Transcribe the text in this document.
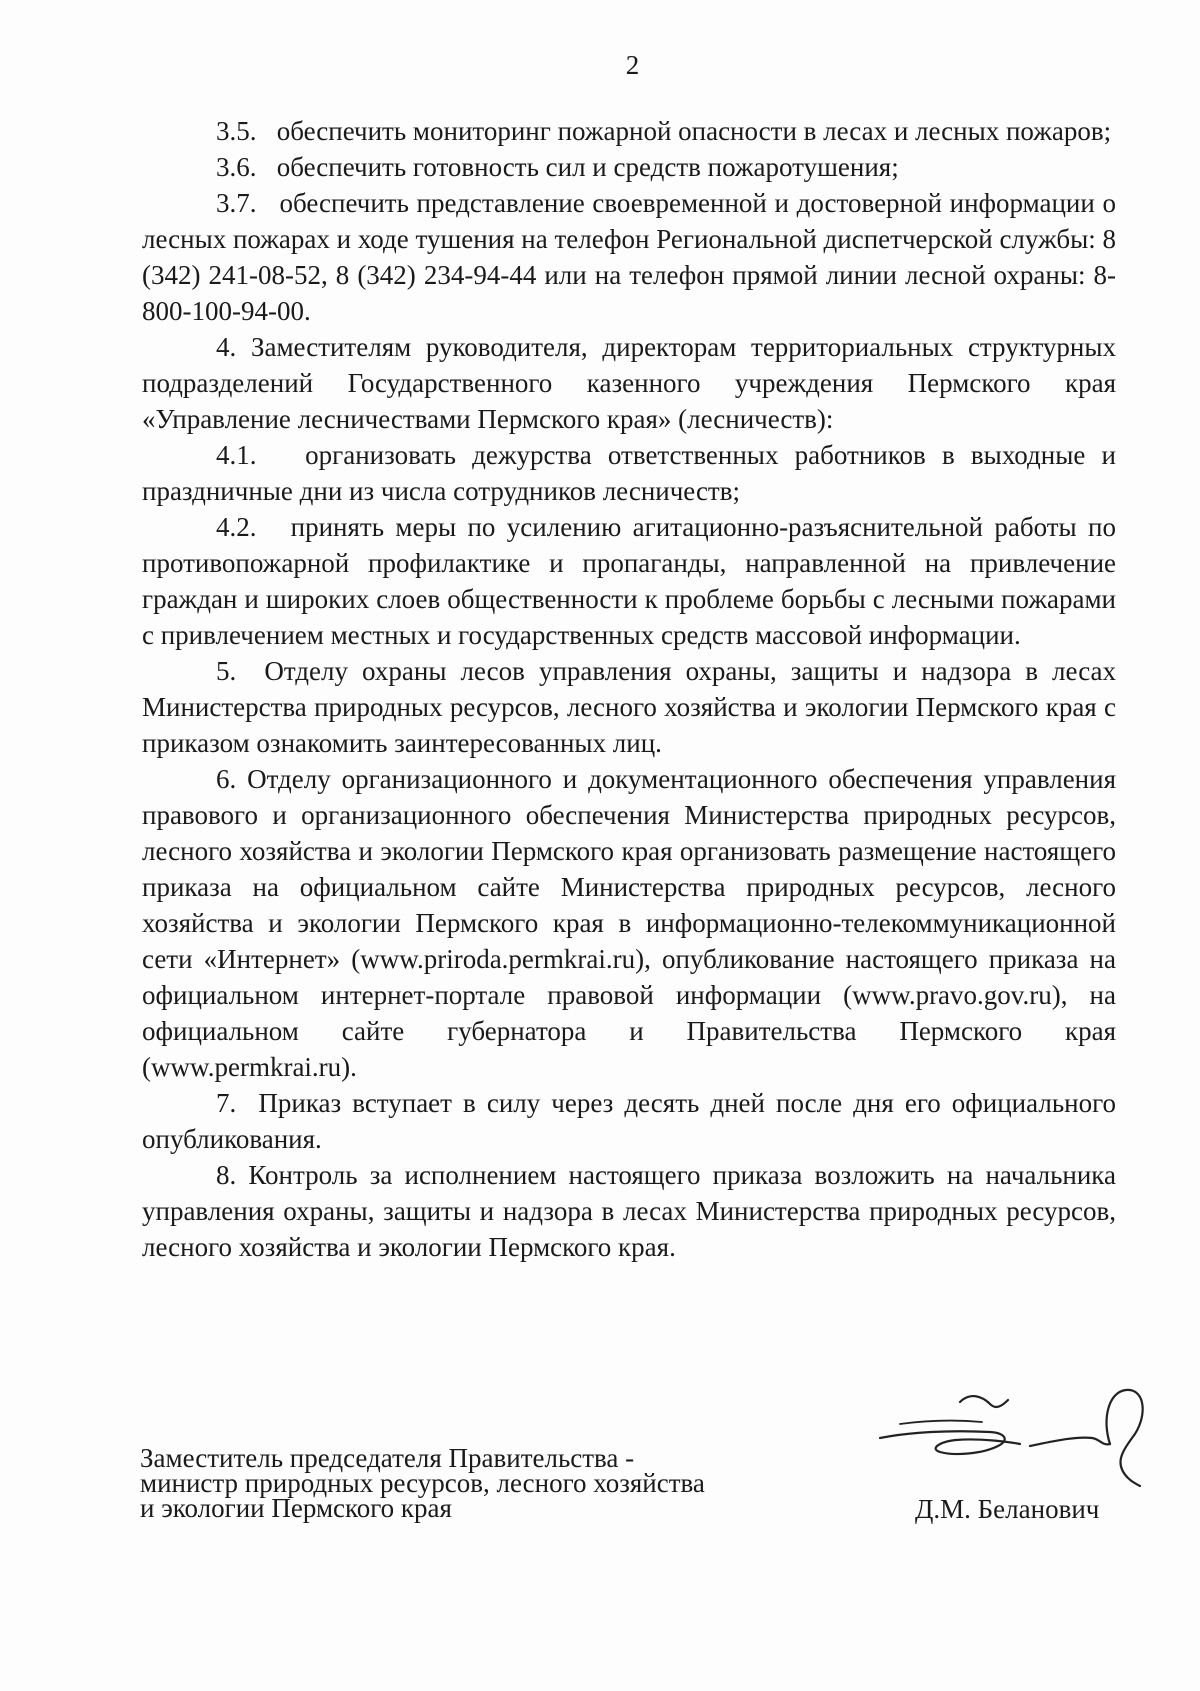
2

3.5.   обеспечить мониторинг пожарной опасности в лесах и лесных пожаров;

3.6.   обеспечить готовность сил и средств пожаротушения;

3.7.   обеспечить представление своевременной и достоверной информации о лесных пожарах и ходе тушения на телефон Региональной диспетчерской службы: 8 (342) 241-08-52, 8 (342) 234-94-44 или на телефон прямой линии лесной охраны: 8-800-100-94-00.

4. Заместителям руководителя, директорам территориальных структурных подразделений Государственного казенного учреждения Пермского края «Управление лесничествами Пермского края» (лесничеств):

4.1.   организовать дежурства ответственных работников в выходные и праздничные дни из числа сотрудников лесничеств;

4.2.   принять меры по усилению агитационно-разъяснительной работы по противопожарной профилактике и пропаганды, направленной на привлечение граждан и широких слоев общественности к проблеме борьбы с лесными пожарами с привлечением местных и государственных средств массовой информации.

5.  Отделу охраны лесов управления охраны, защиты и надзора в лесах Министерства природных ресурсов, лесного хозяйства и экологии Пермского края с приказом ознакомить заинтересованных лиц.

6. Отделу организационного и документационного обеспечения управления правового и организационного обеспечения Министерства природных ресурсов, лесного хозяйства и экологии Пермского края организовать размещение настоящего приказа на официальном сайте Министерства природных ресурсов, лесного хозяйства и экологии Пермского края в информационно-телекоммуникационной сети «Интернет» (www.priroda.permkrai.ru), опубликование настоящего приказа на официальном интернет-портале правовой информации (www.pravo.gov.ru), на официальном сайте губернатора и Правительства Пермского края (www.permkrai.ru).

7.  Приказ вступает в силу через десять дней после дня его официального опубликования.

8. Контроль за исполнением настоящего приказа возложить на начальника управления охраны, защиты и надзора в лесах Министерства природных ресурсов, лесного хозяйства и экологии Пермского края.

Заместитель председателя Правительства -
министр природных ресурсов, лесного хозяйства
и экологии Пермского края	Д.М. Беланович
